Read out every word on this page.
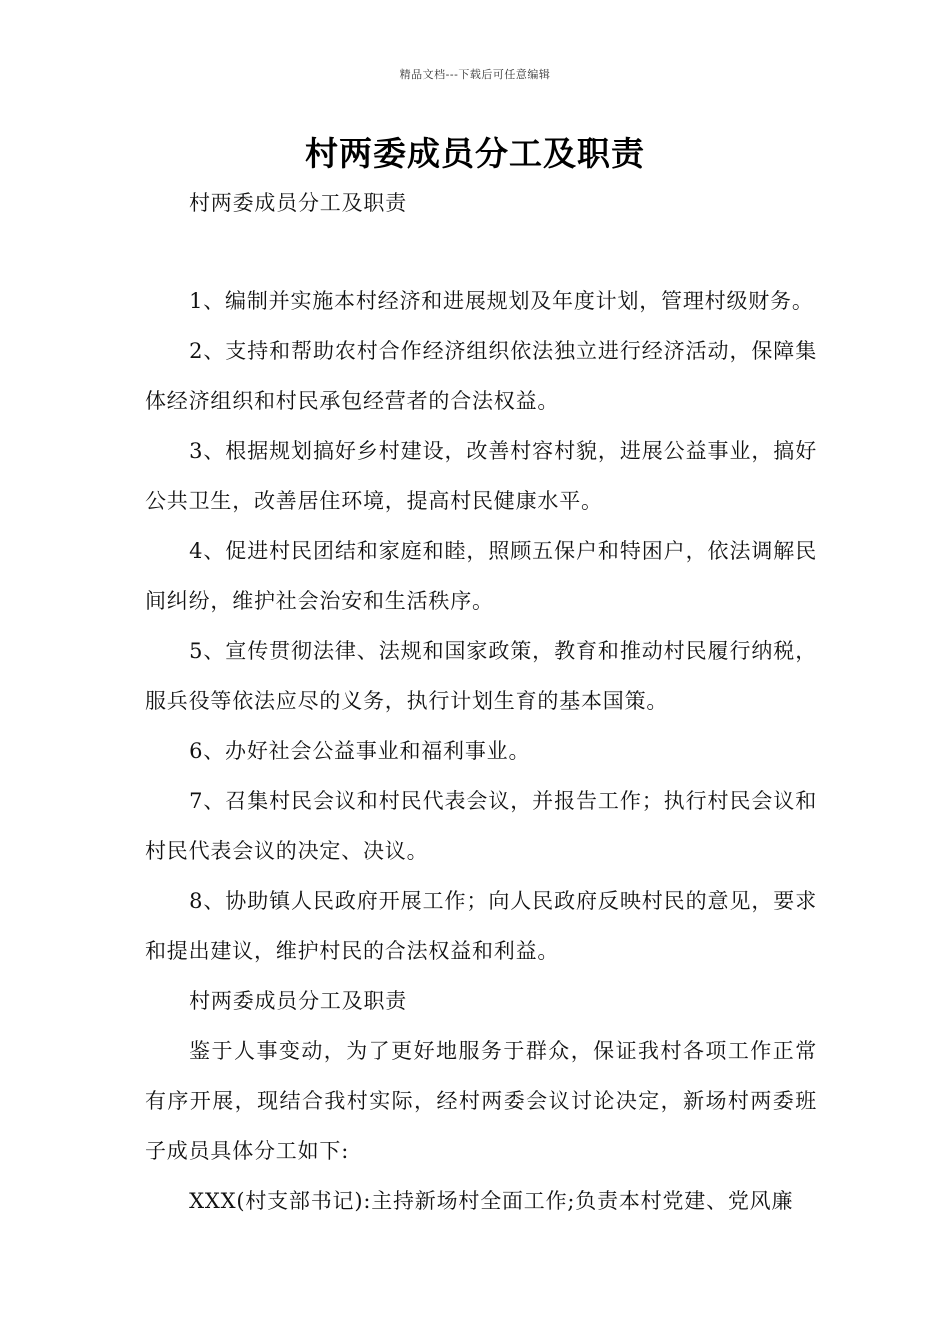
精品文档---下载后可任意编辑
村两委成员分工及职责
村两委成员分工及职责

1、编制并实施本村经济和进展规划及年度计划，管理村级财务。

2、支持和帮助农村合作经济组织依法独立进行经济活动，保障集体经济组织和村民承包经营者的合法权益。

3、根据规划搞好乡村建设，改善村容村貌，进展公益事业，搞好公共卫生，改善居住环境，提高村民健康水平。

4、促进村民团结和家庭和睦，照顾五保户和特困户，依法调解民间纠纷，维护社会治安和生活秩序。

5、宣传贯彻法律、法规和国家政策，教育和推动村民履行纳税，服兵役等依法应尽的义务，执行计划生育的基本国策。

6、办好社会公益事业和福利事业。

7、召集村民会议和村民代表会议，并报告工作；执行村民会议和村民代表会议的决定、决议。

8、协助镇人民政府开展工作；向人民政府反映村民的意见，要求和提出建议，维护村民的合法权益和利益。

村两委成员分工及职责

鉴于人事变动，为了更好地服务于群众，保证我村各项工作正常有序开展，现结合我村实际，经村两委会议讨论决定，新场村两委班子成员具体分工如下:

XXX(村支部书记):主持新场村全面工作;负责本村党建、党风廉
